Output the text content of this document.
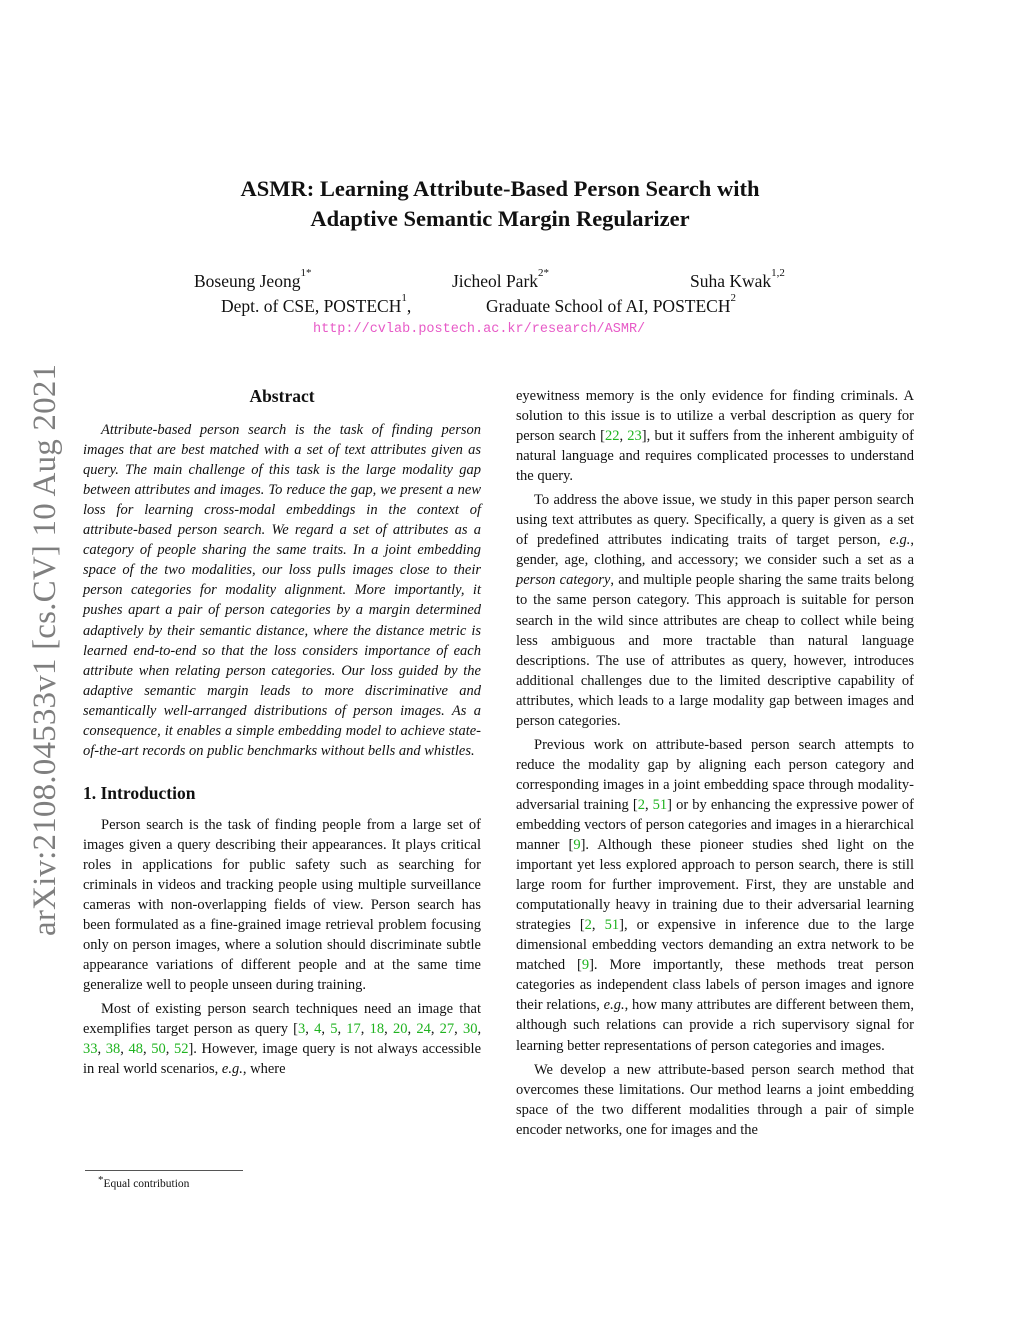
arXiv:2108.04533v1 [cs.CV] 10 Aug 2021
ASMR: Learning Attribute-Based Person Search with
Adaptive Semantic Margin Regularizer
Boseung Jeong$^{1*}$	Jicheol Park$^{2*}$	Suha Kwak$^{1,2}$
Dept. of CSE, POSTECH$^1$,	Graduate School of AI, POSTECH$^2$
http://cvlab.postech.ac.kr/research/ASMR/
Abstract

Attribute-based person search is the task of finding person images that are best matched with a set of text attributes given as query. The main challenge of this task is the large modality gap between attributes and images. To reduce the gap, we present a new loss for learning cross-modal embeddings in the context of attribute-based person search. We regard a set of attributes as a category of people sharing the same traits. In a joint embedding space of the two modalities, our loss pulls images close to their person categories for modality alignment. More importantly, it pushes apart a pair of person categories by a margin determined adaptively by their semantic distance, where the distance metric is learned end-to-end so that the loss considers importance of each attribute when relating person categories. Our loss guided by the adaptive semantic margin leads to more discriminative and semantically well-arranged distributions of person images. As a consequence, it enables a simple embedding model to achieve state-of-the-art records on public benchmarks without bells and whistles.

1. Introduction

Person search is the task of finding people from a large set of images given a query describing their appearances. It plays critical roles in applications for public safety such as searching for criminals in videos and tracking people using multiple surveillance cameras with non-overlapping fields of view. Person search has been formulated as a fine-grained image retrieval problem focusing only on person images, where a solution should discriminate subtle appearance variations of different people and at the same time generalize well to people unseen during training.

Most of existing person search techniques need an image that exemplifies target person as query [3, 4, 5, 17, 18, 20, 24, 27, 30, 33, 38, 48, 50, 52]. However, image query is not always accessible in real world scenarios, e.g., where

*Equal contribution

eyewitness memory is the only evidence for finding criminals. A solution to this issue is to utilize a verbal description as query for person search [22, 23], but it suffers from the inherent ambiguity of natural language and requires complicated processes to understand the query.

To address the above issue, we study in this paper person search using text attributes as query. Specifically, a query is given as a set of predefined attributes indicating traits of target person, e.g., gender, age, clothing, and accessory; we consider such a set as a person category, and multiple people sharing the same traits belong to the same person category. This approach is suitable for person search in the wild since attributes are cheap to collect while being less ambiguous and more tractable than natural language descriptions. The use of attributes as query, however, introduces additional challenges due to the limited descriptive capability of attributes, which leads to a large modality gap between images and person categories.

Previous work on attribute-based person search attempts to reduce the modality gap by aligning each person category and corresponding images in a joint embedding space through modality-adversarial training [2, 51] or by enhancing the expressive power of embedding vectors of person categories and images in a hierarchical manner [9]. Although these pioneer studies shed light on the important yet less explored approach to person search, there is still large room for further improvement. First, they are unstable and computationally heavy in training due to their adversarial learning strategies [2, 51], or expensive in inference due to the large dimensional embedding vectors demanding an extra network to be matched [9]. More importantly, these methods treat person categories as independent class labels of person images and ignore their relations, e.g., how many attributes are different between them, although such relations can provide a rich supervisory signal for learning better representations of person categories and images.

We develop a new attribute-based person search method that overcomes these limitations. Our method learns a joint embedding space of the two different modalities through a pair of simple encoder networks, one for images and the
